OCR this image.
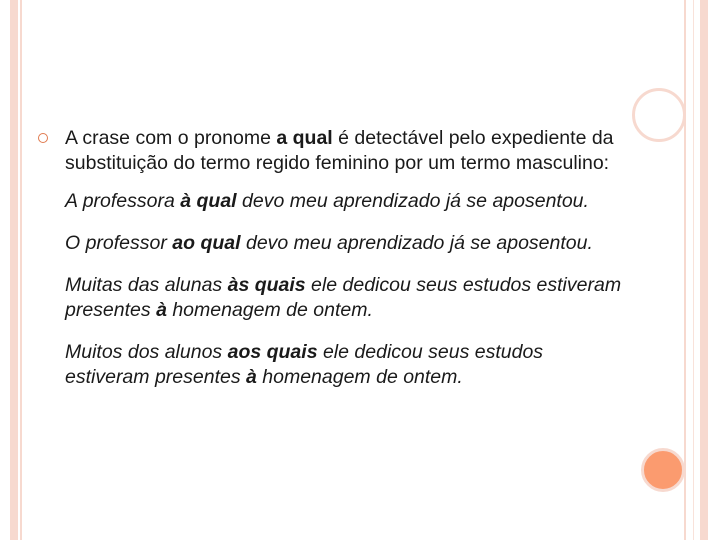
A crase com o pronome a qual é detectável pelo expediente da substituição do termo regido feminino por um termo masculino:

A professora à qual devo meu aprendizado já se aposentou.

O professor ao qual devo meu aprendizado já se aposentou.

Muitas das alunas às quais ele dedicou seus estudos estiveram presentes à homenagem de ontem.

Muitos dos alunos aos quais ele dedicou seus estudos estiveram presentes à homenagem de ontem.
